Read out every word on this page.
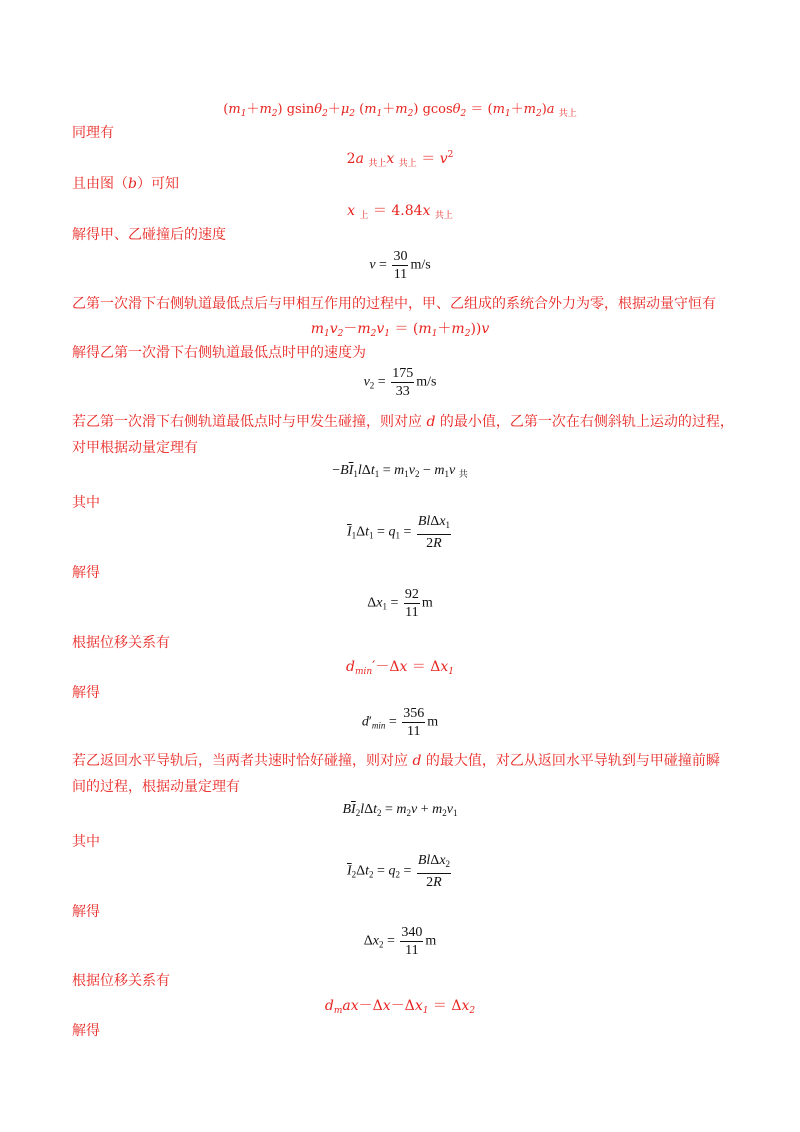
$(m_1+m_2)$ $gsin\theta_2+\mu_2$ $(m_1+m_2) gcos\theta_2 = (m_1+m_2)a$ $_{共上}$
同理有
2a $_{共上}$x $_{共上} = v^2$
且由图（b）可知
x $_上$ ＝ 4.84x $_{共上}$
解得甲、乙碰撞后的速度
$v = \frac{30}{11} m/s$
乙第一次滑下右侧轨道最低点后与甲相互作用的过程中，甲、乙组成的系统合外力为零，根据动量守恒有
$m_1v_2-m_2v_1 = (m_1+m_2))v$
解得乙第一次滑下右侧轨道最低点时甲的速度为
$v_2 = \frac{175}{33} m/s$
若乙第一次滑下右侧轨道最低点时与甲发生碰撞，则对应 d 的最小值，乙第一次在右侧斜轨上运动的过程，
对甲根据动量定理有
$-B\overline{I}_1l\Delta t_1 = m_1v_2 - m_1v$ $_共$
其中
$\overline{I}_1\Delta t_1 = q_1 = \frac{Bl\Delta x_1}{2R}$
解得
$\Delta x_1 = \frac{92}{11}$ m
根据位移关系有
$d_{min}'-\Delta x = \Delta x_1$
解得
$d'_{min} = \frac{356}{11}$ m
若乙返回水平导轨后，当两者共速时恰好碰撞，则对应 d 的最大值，对乙从返回水平导轨到与甲碰撞前瞬
间的过程，根据动量定理有
$B\overline{I}_2l\Delta t_2 = m_2v + m_2v_1$
其中
$\overline{I}_2\Delta t_2 = q_2 = \frac{Bl\Delta x_2}{2R}$
解得
$\Delta x_2 = \frac{340}{11}$ m
根据位移关系有
$d_max-\Delta x-\Delta x_1 = \Delta x_2$
解得
